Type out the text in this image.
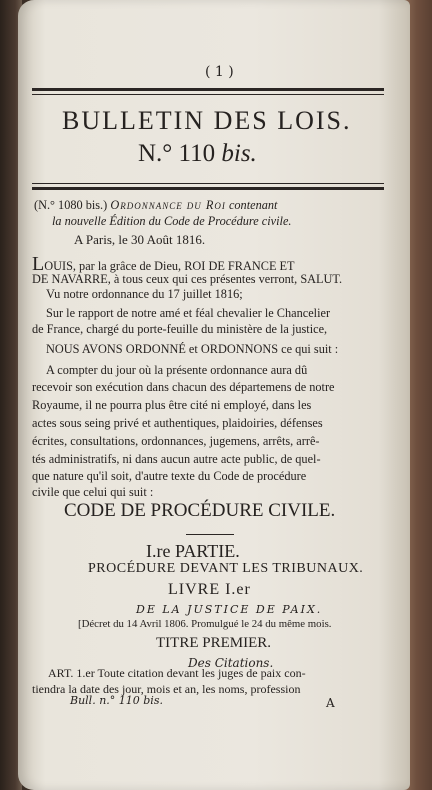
( 1 )
BULLETIN DES LOIS.
N.° 110 bis.
(N.° 1080 bis.) Ordonnance du Roi contenant
la nouvelle Édition du Code de Procédure civile.
A Paris, le 30 Août 1816.
LOUIS, par la grâce de Dieu, ROI DE FRANCE ET
DE NAVARRE, à tous ceux qui ces présentes verront, SALUT.
Vu notre ordonnance du 17 juillet 1816;
Sur le rapport de notre amé et féal chevalier le Chancelier
de France, chargé du porte-feuille du ministère de la justice,
NOUS AVONS ORDONNÉ et ORDONNONS ce qui suit :
A compter du jour où la présente ordonnance aura dû
recevoir son exécution dans chacun des départemens de notre
Royaume, il ne pourra plus être cité ni employé, dans les
actes sous seing privé et authentiques, plaidoiries, défenses
écrites, consultations, ordonnances, jugemens, arrêts, arrê-
tés administratifs, ni dans aucun autre acte public, de quel-
que nature qu'il soit, d'autre texte du Code de procédure
civile que celui qui suit :
CODE DE PROCÉDURE CIVILE.
I.re PARTIE.
PROCÉDURE DEVANT LES TRIBUNAUX.
LIVRE I.er
DE LA JUSTICE DE PAIX.
[Décret du 14 Avril 1806. Promulgué le 24 du même mois.
TITRE PREMIER.
Des Citations.
ART. 1.er Toute citation devant les juges de paix con-
tiendra la date des jour, mois et an, les noms, profession
Bull. n.° 110 bis.	A
